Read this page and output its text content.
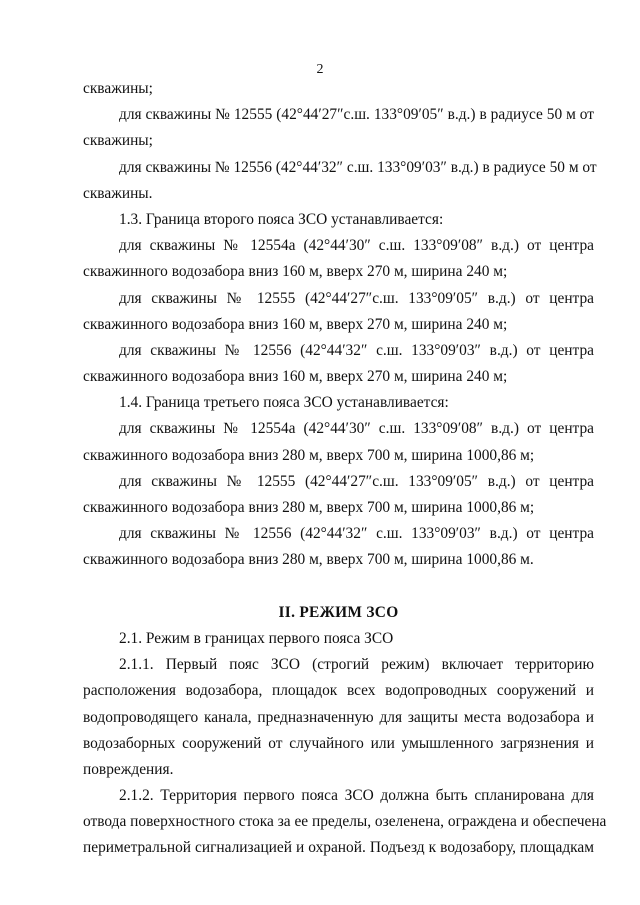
2
скважины;
для скважины № 12555 (42°44′27″с.ш. 133°09′05″ в.д.) в радиусе 50 м от
скважины;
для скважины № 12556 (42°44′32″ с.ш. 133°09′03″ в.д.) в радиусе 50 м от
скважины.
1.3. Граница второго пояса ЗСО устанавливается:
для скважины № 12554а (42°44′30″ с.ш. 133°09′08″ в.д.) от центра
скважинного водозабора вниз 160 м, вверх 270 м, ширина 240 м;
для скважины № 12555 (42°44′27″с.ш. 133°09′05″ в.д.) от центра
скважинного водозабора вниз 160 м, вверх 270 м, ширина 240 м;
для скважины № 12556 (42°44′32″ с.ш. 133°09′03″ в.д.) от центра
скважинного водозабора вниз 160 м, вверх 270 м, ширина 240 м;
1.4. Граница третьего пояса ЗСО устанавливается:
для скважины № 12554а (42°44′30″ с.ш. 133°09′08″ в.д.) от центра
скважинного водозабора вниз 280 м, вверх 700 м, ширина 1000,86 м;
для скважины № 12555 (42°44′27″с.ш. 133°09′05″ в.д.) от центра
скважинного водозабора вниз 280 м, вверх 700 м, ширина 1000,86 м;
для скважины № 12556 (42°44′32″ с.ш. 133°09′03″ в.д.) от центра
скважинного водозабора вниз 280 м, вверх 700 м, ширина 1000,86 м.
II. РЕЖИМ ЗСО
2.1. Режим в границах первого пояса ЗСО
2.1.1. Первый пояс ЗСО (строгий режим) включает территорию
расположения водозабора, площадок всех водопроводных сооружений и
водопроводящего канала, предназначенную для защиты места водозабора и
водозаборных сооружений от случайного или умышленного загрязнения и
повреждения.
2.1.2. Территория первого пояса ЗСО должна быть спланирована для
отвода поверхностного стока за ее пределы, озеленена, ограждена и обеспечена
периметральной сигнализацией и охраной. Подъезд к водозабору, площадкам
